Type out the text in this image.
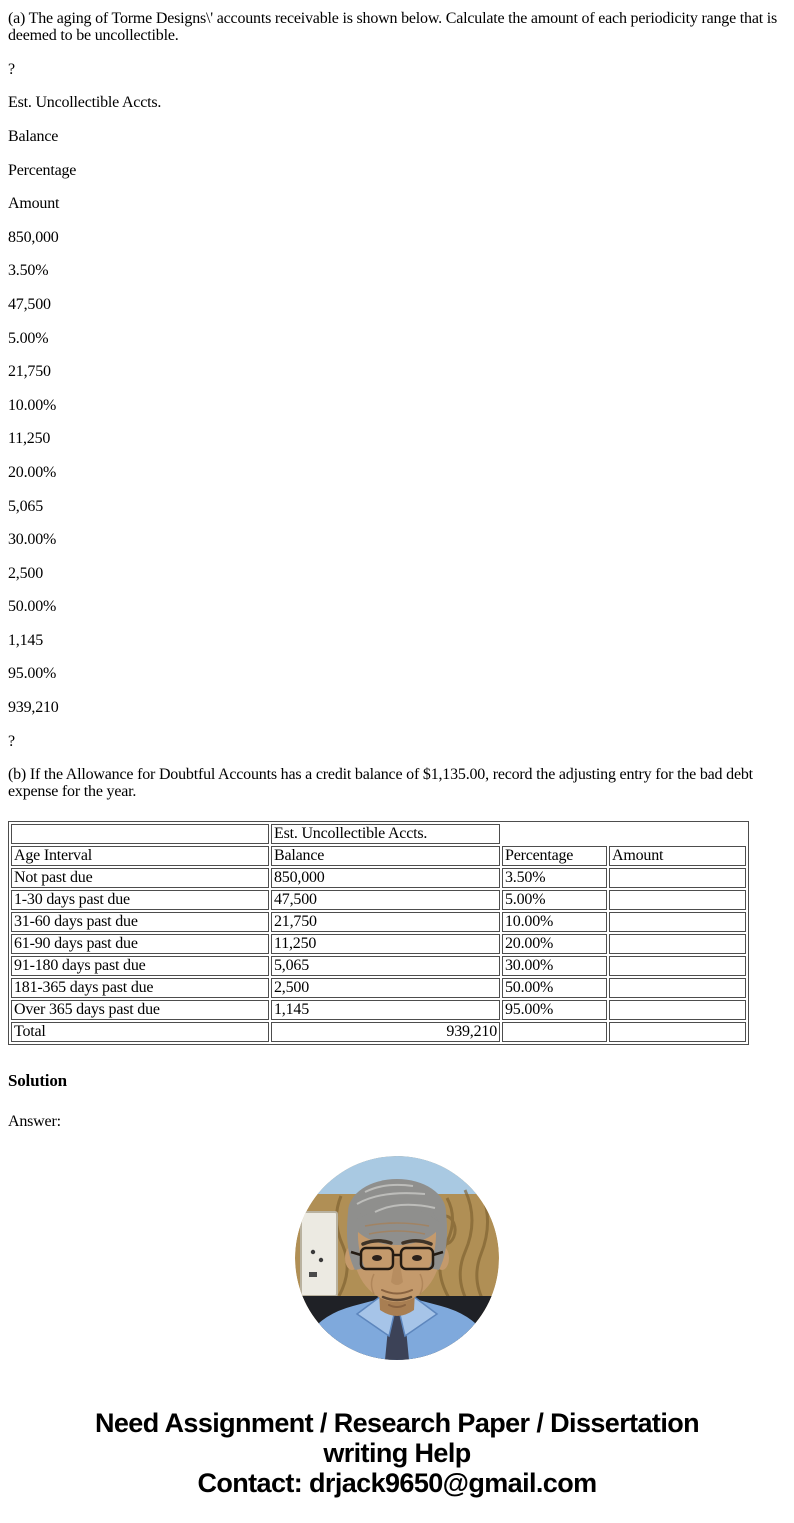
(a) The aging of Torme Designs\' accounts receivable is shown below. Calculate the amount of each periodicity range that is deemed to be uncollectible.

?

Est. Uncollectible Accts.

Balance

Percentage

Amount

850,000

3.50%

47,500

5.00%

21,750

10.00%

11,250

20.00%

5,065

30.00%

2,500

50.00%

1,145

95.00%

939,210

?

(b) If the Allowance for Doubtful Accounts has a credit balance of $1,135.00, record the adjusting entry for the bad debt expense for the year.

	Est. Uncollectible Accts.		
Age Interval	Balance	Percentage	Amount
Not past due	850,000	3.50%	
1-30 days past due	47,500	5.00%	
31-60 days past due	21,750	10.00%	
61-90 days past due	11,250	20.00%	
91-180 days past due	5,065	30.00%	
181-365 days past due	2,500	50.00%	
Over 365 days past due	1,145	95.00%	
Total	939,210		
Solution

Answer:

Need Assignment / Research Paper / Dissertation
writing Help
Contact: drjack9650@gmail.com
